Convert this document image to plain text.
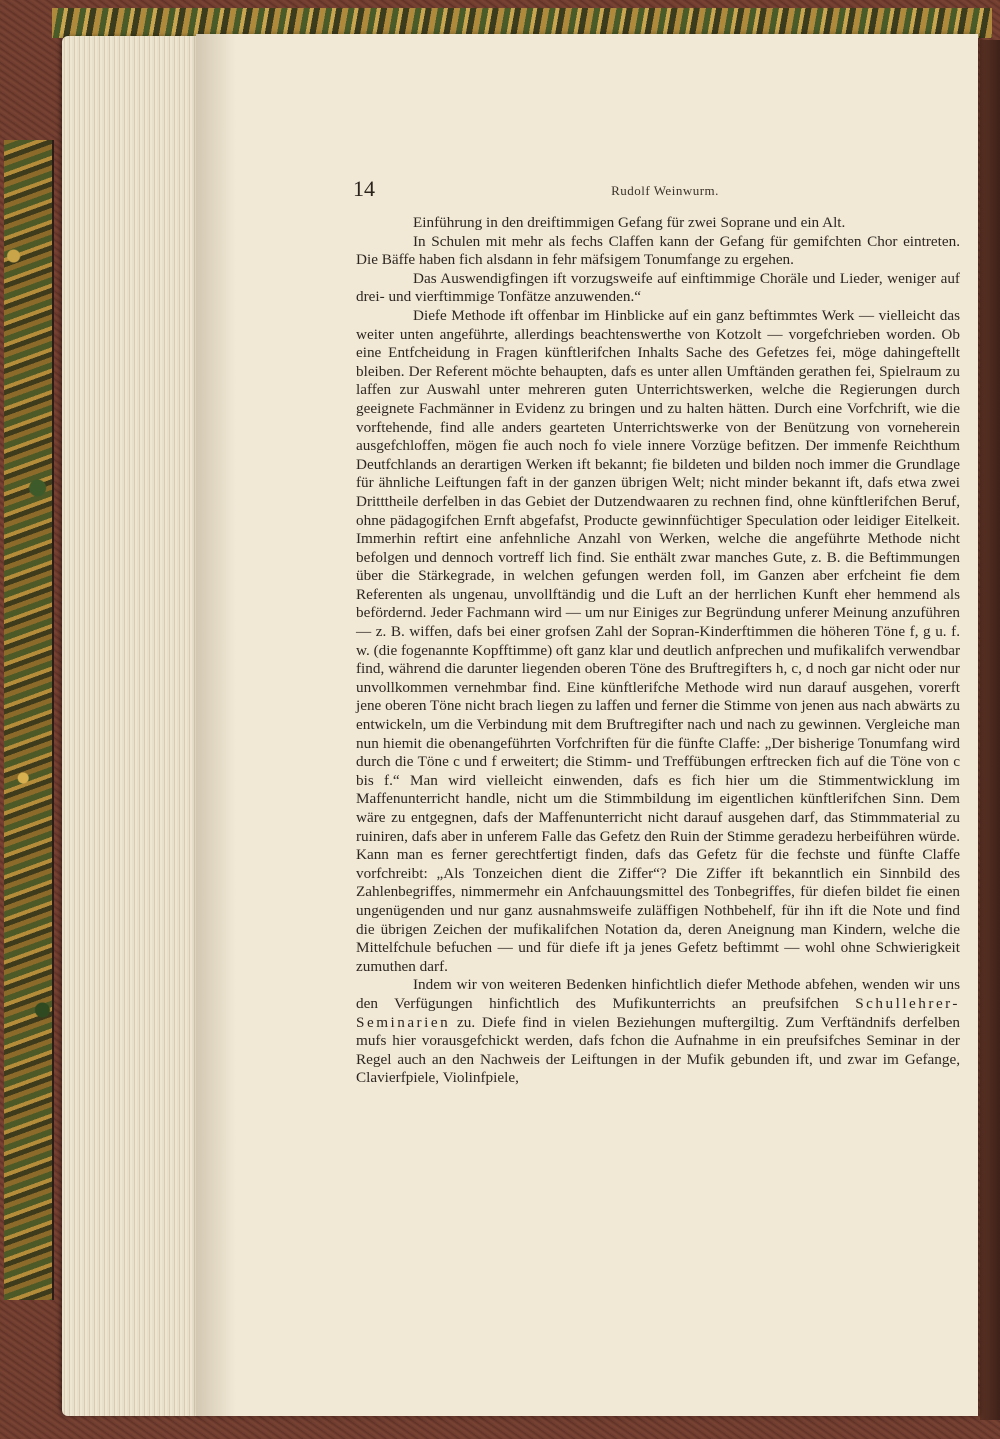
14	Rudolf Weinwurm.

Einführung in den dreiftimmigen Gefang für zwei Soprane und ein Alt.

In Schulen mit mehr als fechs Claffen kann der Gefang für gemifchten Chor eintreten. Die Bäffe haben fich alsdann in fehr mäfsigem Tonumfange zu ergehen.

Das Auswendigfingen ift vorzugsweife auf einftimmige Choräle und Lieder, weniger auf drei- und vierftimmige Tonfätze anzuwenden.“

Diefe Methode ift offenbar im Hinblicke auf ein ganz beftimmtes Werk — vielleicht das weiter unten angeführte, allerdings beachtenswerthe von Kotzolt — vorgefchrieben worden. Ob eine Entfcheidung in Fragen künftlerifchen Inhalts Sache des Gefetzes fei, möge dahingeftellt bleiben. Der Referent möchte behaupten, dafs es unter allen Umftänden gerathen fei, Spielraum zu laffen zur Auswahl unter mehreren guten Unterrichtswerken, welche die Regierungen durch geeignete Fachmänner in Evidenz zu bringen und zu halten hätten. Durch eine Vorfchrift, wie die vorftehende, find alle anders gearteten Unterrichtswerke von der Benützung von vorneherein ausgefchloffen, mögen fie auch noch fo viele innere Vorzüge befitzen. Der immenfe Reichthum Deutfchlands an derartigen Werken ift bekannt; fie bildeten und bilden noch immer die Grundlage für ähnliche Leiftungen faft in der ganzen übrigen Welt; nicht minder bekannt ift, dafs etwa zwei Dritttheile derfelben in das Gebiet der Dutzendwaaren zu rechnen find, ohne künftlerifchen Beruf, ohne pädagogifchen Ernft abgefafst, Producte gewinnfüchtiger Speculation oder leidiger Eitelkeit. Immerhin reftirt eine anfehnliche Anzahl von Werken, welche die angeführte Methode nicht befolgen und dennoch vortreff lich find. Sie enthält zwar manches Gute, z. B. die Beftimmungen über die Stärkegrade, in welchen gefungen werden foll, im Ganzen aber erfcheint fie dem Referenten als ungenau, unvollftändig und die Luft an der herrlichen Kunft eher hemmend als befördernd. Jeder Fachmann wird — um nur Einiges zur Begründung unferer Meinung anzuführen — z. B. wiffen, dafs bei einer grofsen Zahl der Sopran-Kinderftimmen die höheren Töne f, g u. f. w. (die fogenannte Kopfftimme) oft ganz klar und deutlich anfprechen und mufikalifch verwendbar find, während die darunter liegenden oberen Töne des Bruftregifters h, c, d noch gar nicht oder nur unvollkommen vernehmbar find. Eine künftlerifche Methode wird nun darauf ausgehen, vorerft jene oberen Töne nicht brach liegen zu laffen und ferner die Stimme von jenen aus nach abwärts zu entwickeln, um die Verbindung mit dem Bruftregifter nach und nach zu gewinnen. Vergleiche man nun hiemit die obenangeführten Vorfchriften für die fünfte Claffe: „Der bisherige Tonumfang wird durch die Töne c und f erweitert; die Stimm- und Treffübungen erftrecken fich auf die Töne von c bis f.“ Man wird vielleicht einwenden, dafs es fich hier um die Stimmentwicklung im Maffenunterricht handle, nicht um die Stimmbildung im eigentlichen künftlerifchen Sinn. Dem wäre zu entgegnen, dafs der Maffenunterricht nicht darauf ausgehen darf, das Stimmmaterial zu ruiniren, dafs aber in unferem Falle das Gefetz den Ruin der Stimme geradezu herbeiführen würde. Kann man es ferner gerechtfertigt finden, dafs das Gefetz für die fechste und fünfte Claffe vorfchreibt: „Als Tonzeichen dient die Ziffer“? Die Ziffer ift bekanntlich ein Sinnbild des Zahlenbegriffes, nimmermehr ein Anfchauungsmittel des Tonbegriffes, für diefen bildet fie einen ungenügenden und nur ganz ausnahmsweife zuläffigen Nothbehelf, für ihn ift die Note und find die übrigen Zeichen der mufikalifchen Notation da, deren Aneignung man Kindern, welche die Mittelfchule befuchen — und für diefe ift ja jenes Gefetz beftimmt — wohl ohne Schwierigkeit zumuthen darf.

Indem wir von weiteren Bedenken hinfichtlich diefer Methode abfehen, wenden wir uns den Verfügungen hinfichtlich des Mufikunterrichts an preufsifchen Schullehrer-Seminarien zu. Diefe find in vielen Beziehungen muftergiltig. Zum Verftändnifs derfelben mufs hier vorausgefchickt werden, dafs fchon die Aufnahme in ein preufsifches Seminar in der Regel auch an den Nachweis der Leiftungen in der Mufik gebunden ift, und zwar im Gefange, Clavierfpiele, Violinfpiele,
